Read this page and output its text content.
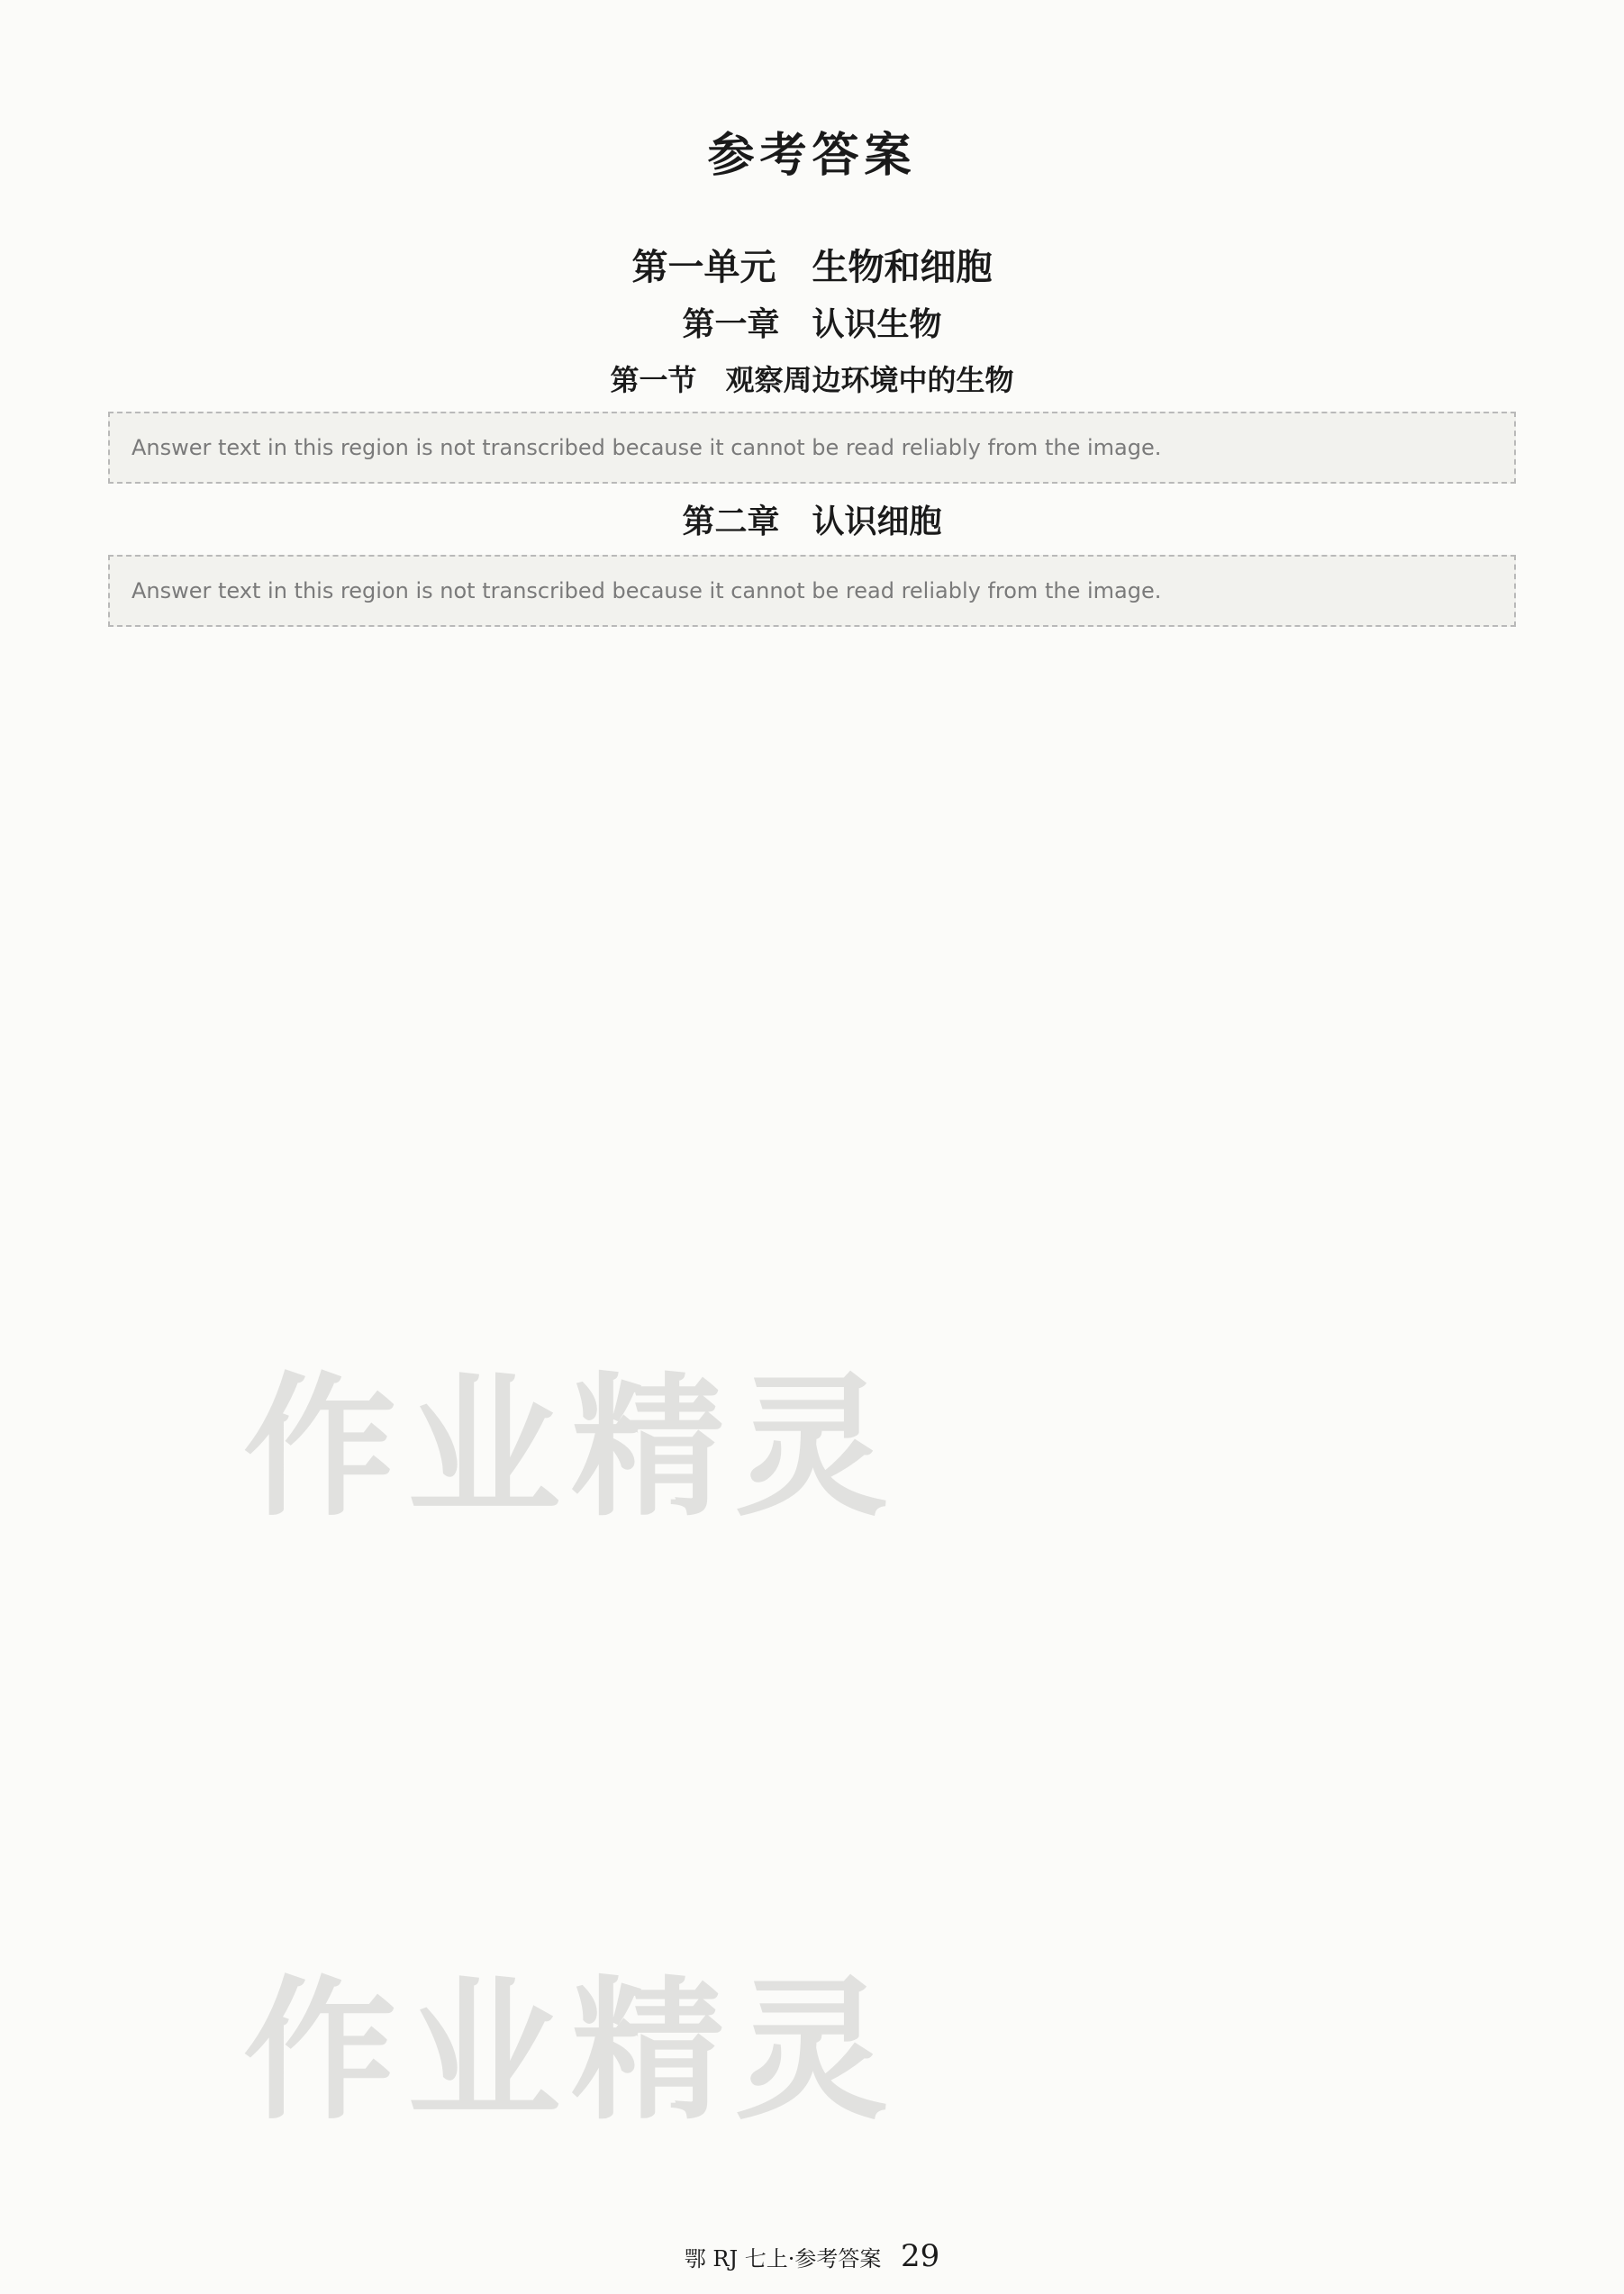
参考答案
第一单元　生物和细胞
第一章　认识生物
第一节　观察周边环境中的生物
Answer text in this region is not transcribed because it cannot be read reliably from the image.
第二章　认识细胞
Answer text in this region is not transcribed because it cannot be read reliably from the image.
作业精灵
作业精灵
鄂 RJ 七上·参考答案 29
